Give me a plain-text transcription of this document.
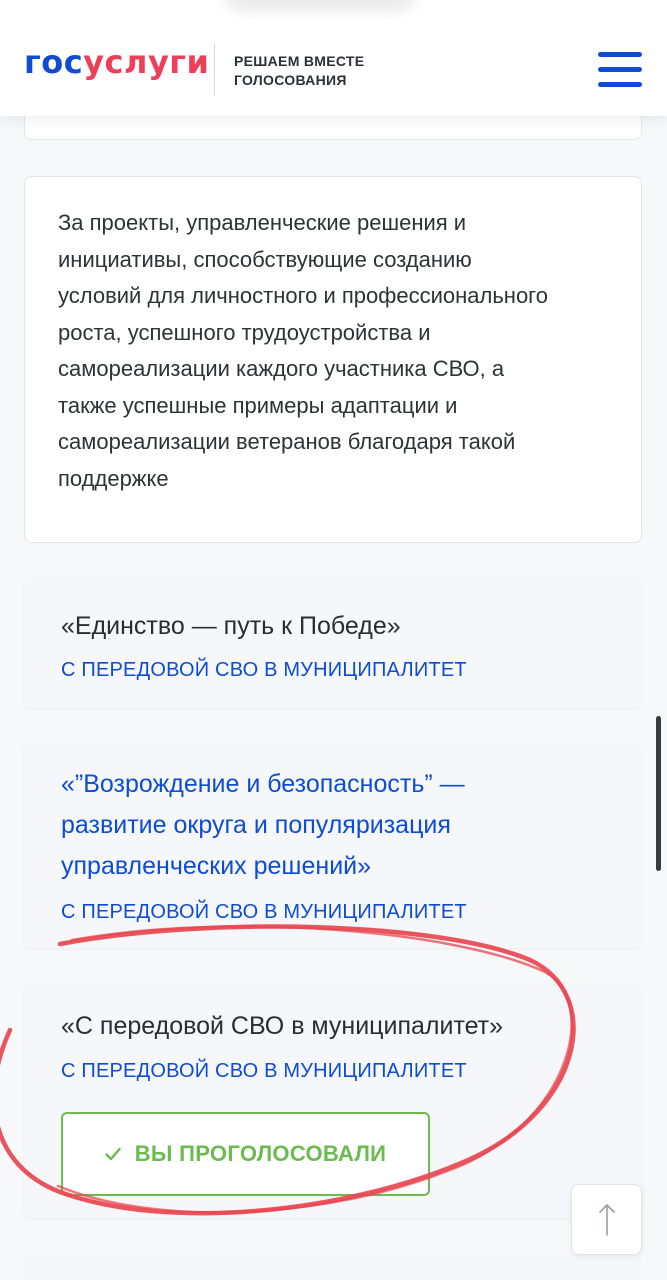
госуслуги РЕШАЕМ ВМЕСТЕ
ГОЛОСОВАНИЯ
За проекты, управленческие решения и
инициативы, способствующие созданию
условий для личностного и профессионального
роста, успешного трудоустройства и
самореализации каждого участника СВО, а
также успешные примеры адаптации и
самореализации ветеранов благодаря такой
поддержке
«Единство — путь к Победе»
С ПЕРЕДОВОЙ СВО В МУНИЦИПАЛИТЕТ
«”Возрождение и безопасность” —
развитие округа и популяризация
управленческих решений»
С ПЕРЕДОВОЙ СВО В МУНИЦИПАЛИТЕТ
«С передовой СВО в муниципалитет»
С ПЕРЕДОВОЙ СВО В МУНИЦИПАЛИТЕТ
ВЫ ПРОГОЛОСОВАЛИ
